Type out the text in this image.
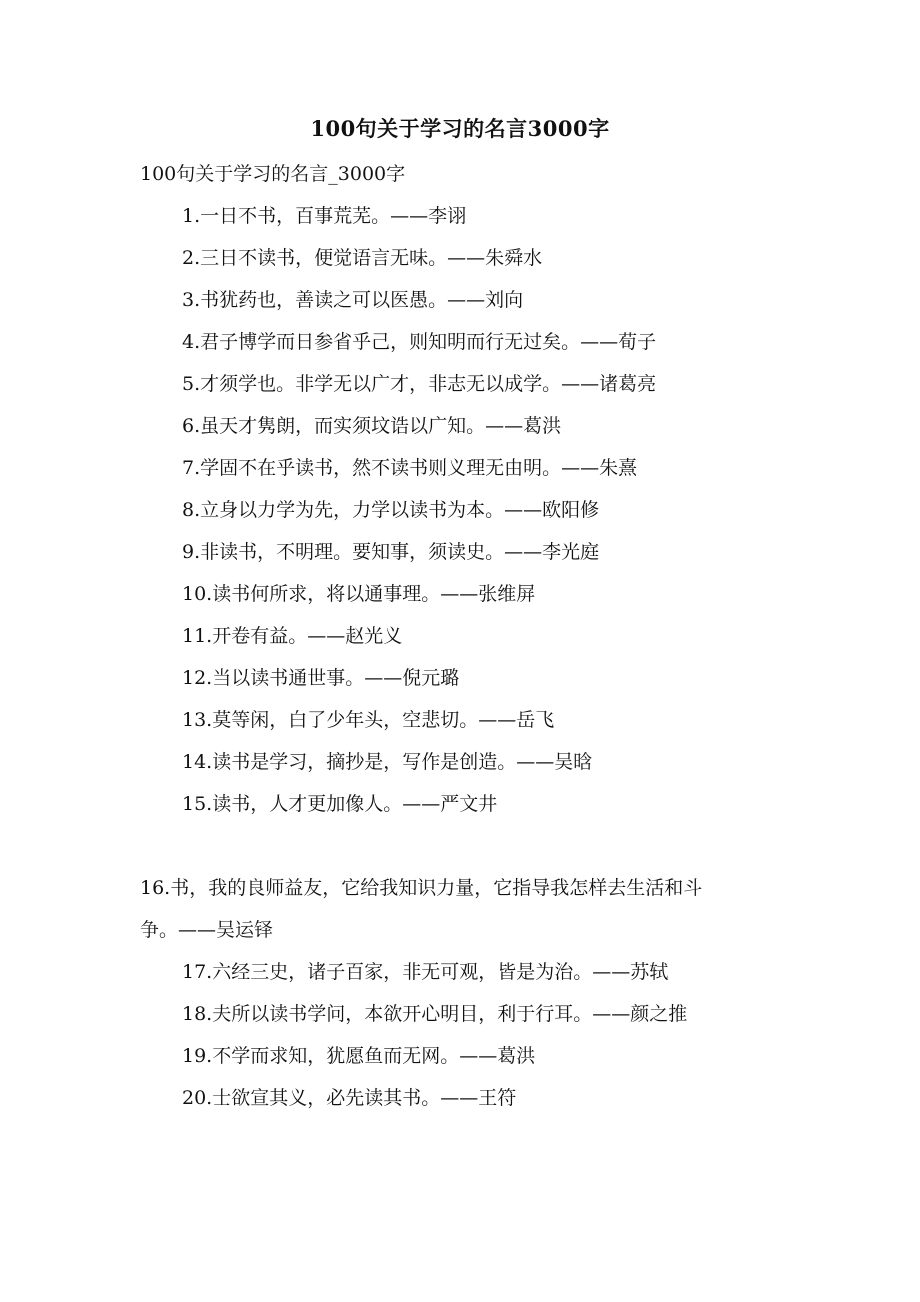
100句关于学习的名言3000字
100句关于学习的名言_3000字
1.一日不书，百事荒芜。——李诩
2.三日不读书，便觉语言无味。——朱舜水
3.书犹药也，善读之可以医愚。——刘向
4.君子博学而日参省乎己，则知明而行无过矣。——荀子
5.才须学也。非学无以广才，非志无以成学。——诸葛亮
6.虽天才隽朗，而实须坟诰以广知。——葛洪
7.学固不在乎读书，然不读书则义理无由明。——朱熹
8.立身以力学为先，力学以读书为本。——欧阳修
9.非读书，不明理。要知事，须读史。——李光庭
10.读书何所求，将以通事理。——张维屏
11.开卷有益。——赵光义
12.当以读书通世事。——倪元璐
13.莫等闲，白了少年头，空悲切。——岳飞
14.读书是学习，摘抄是，写作是创造。——吴晗
15.读书，人才更加像人。——严文井

16.书，我的良师益友，它给我知识力量，它指导我怎样去生活和斗
争。——吴运铎

17.六经三史，诸子百家，非无可观，皆是为治。——苏轼
18.夫所以读书学问，本欲开心明目，利于行耳。——颜之推
19.不学而求知，犹愿鱼而无网。——葛洪
20.士欲宣其义，必先读其书。——王符
